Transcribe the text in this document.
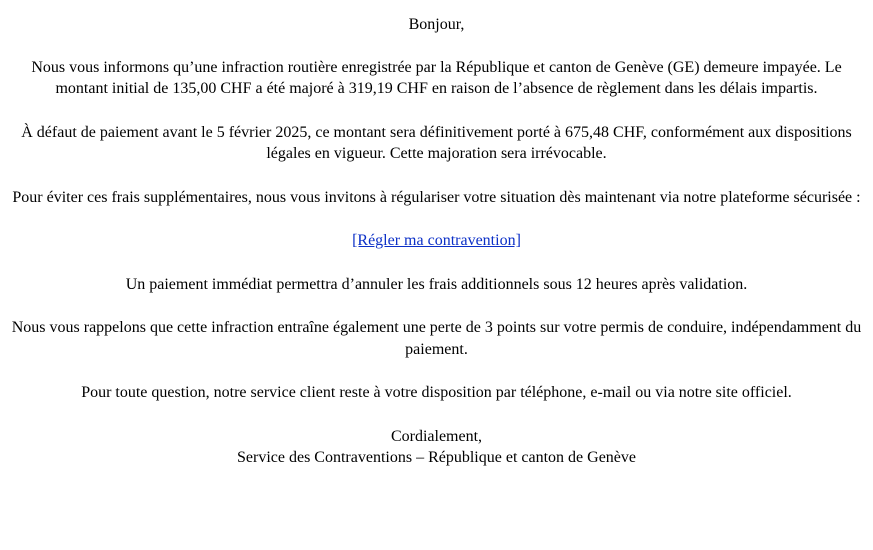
Bonjour,

Nous vous informons qu’une infraction routière enregistrée par la République et canton de Genève (GE) demeure impayée. Le montant initial de 135,00 CHF a été majoré à 319,19 CHF en raison de l’absence de règlement dans les délais impartis.

À défaut de paiement avant le 5 février 2025, ce montant sera définitivement porté à 675,48 CHF, conformément aux dispositions légales en vigueur. Cette majoration sera irrévocable.

Pour éviter ces frais supplémentaires, nous vous invitons à régulariser votre situation dès maintenant via notre plateforme sécurisée :

[Régler ma contravention]

Un paiement immédiat permettra d’annuler les frais additionnels sous 12 heures après validation.

Nous vous rappelons que cette infraction entraîne également une perte de 3 points sur votre permis de conduire, indépendamment du paiement.

Pour toute question, notre service client reste à votre disposition par téléphone, e-mail ou via notre site officiel.

Cordialement,
Service des Contraventions – République et canton de Genève
